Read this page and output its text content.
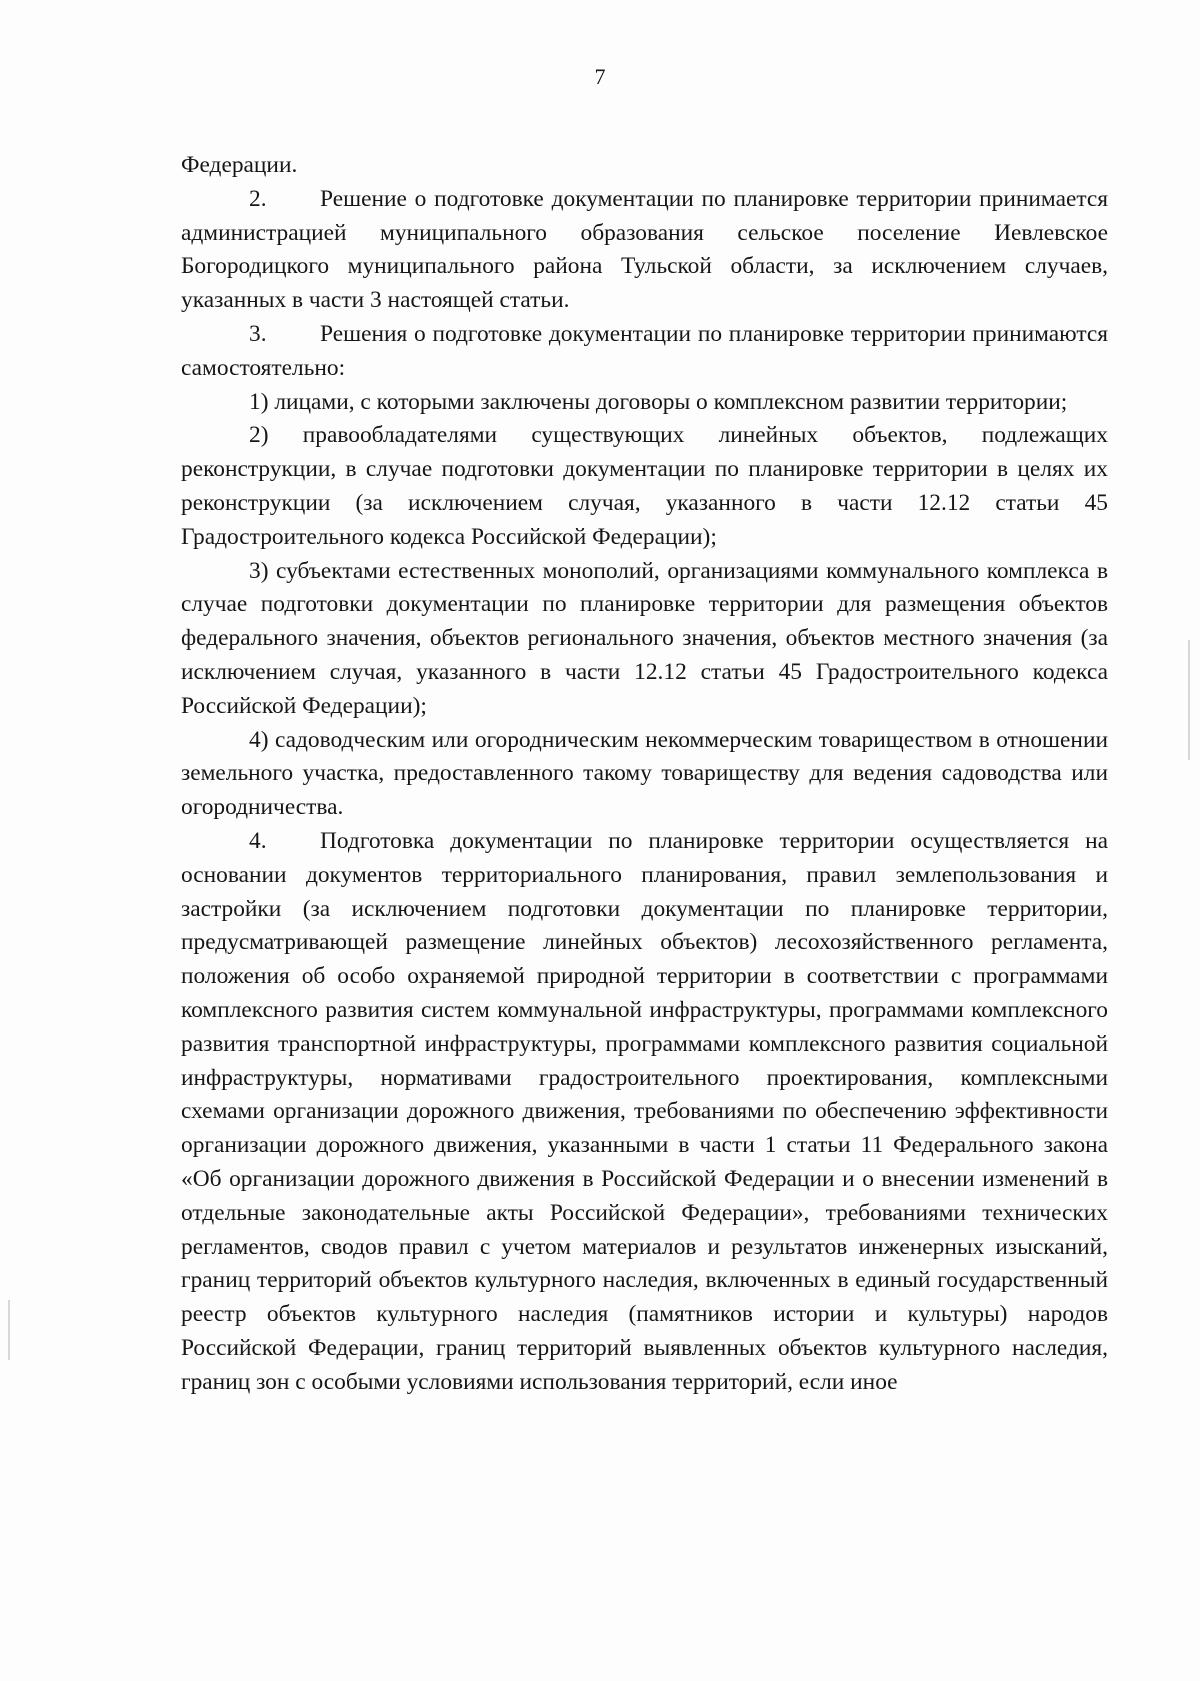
7

Федерации.

2. Решение о подготовке документации по планировке территории принимается администрацией муниципального образования сельское поселение Иевлевское Богородицкого муниципального района Тульской области, за исключением случаев, указанных в части 3 настоящей статьи.

3. Решения о подготовке документации по планировке территории принимаются самостоятельно:

1) лицами, с которыми заключены договоры о комплексном развитии территории;

2) правообладателями существующих линейных объектов, подлежащих реконструкции, в случае подготовки документации по планировке территории в целях их реконструкции (за исключением случая, указанного в части 12.12 статьи 45 Градостроительного кодекса Российской Федерации);

3) субъектами естественных монополий, организациями коммунального комплекса в случае подготовки документации по планировке территории для размещения объектов федерального значения, объектов регионального значения, объектов местного значения (за исключением случая, указанного в части 12.12 статьи 45 Градостроительного кодекса Российской Федерации);

4) садоводческим или огородническим некоммерческим товариществом в отношении земельного участка, предоставленного такому товариществу для ведения садоводства или огородничества.

4. Подготовка документации по планировке территории осуществляется на основании документов территориального планирования, правил землепользования и застройки (за исключением подготовки документации по планировке территории, предусматривающей размещение линейных объектов) лесохозяйственного регламента, положения об особо охраняемой природной территории в соответствии с программами комплексного развития систем коммунальной инфраструктуры, программами комплексного развития транспортной инфраструктуры, программами комплексного развития социальной инфраструктуры, нормативами градостроительного проектирования, комплексными схемами организации дорожного движения, требованиями по обеспечению эффективности организации дорожного движения, указанными в части 1 статьи 11 Федерального закона «Об организации дорожного движения в Российской Федерации и о внесении изменений в отдельные законодательные акты Российской Федерации», требованиями технических регламентов, сводов правил с учетом материалов и результатов инженерных изысканий, границ территорий объектов культурного наследия, включенных в единый государственный реестр объектов культурного наследия (памятников истории и культуры) народов Российской Федерации, границ территорий выявленных объектов культурного наследия, границ зон с особыми условиями использования территорий, если иное
